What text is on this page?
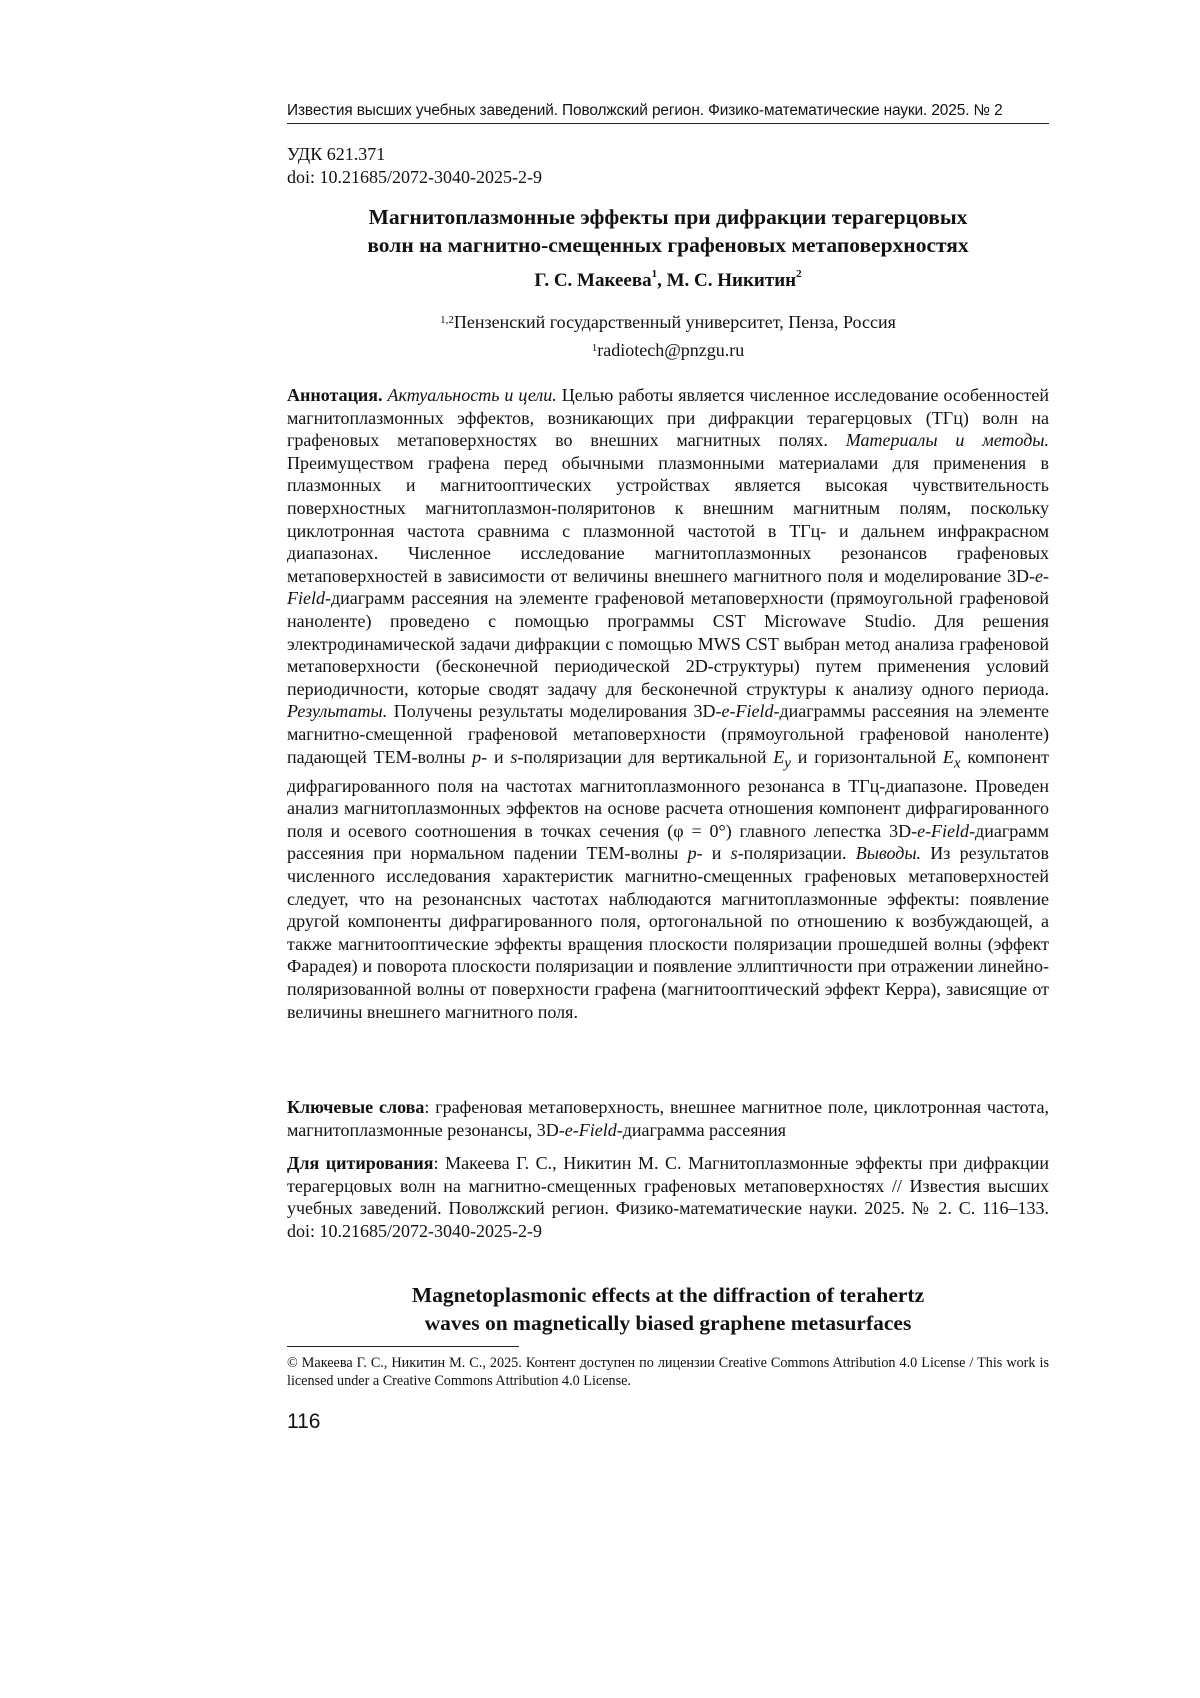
Известия высших учебных заведений. Поволжский регион. Физико-математические науки. 2025. № 2
УДК 621.371
doi: 10.21685/2072-3040-2025-2-9
Магнитоплазмонные эффекты при дифракции терагерцовых
волн на магнитно-смещенных графеновых метаповерхностях
Г. С. Макеева$^1$, М. С. Никитин$^2$
$^{1,2}$Пензенский государственный университет, Пенза, Россия
$^1$radiotech@pnzgu.ru
Аннотация. Актуальность и цели. Целью работы является численное исследование особенностей магнитоплазмонных эффектов, возникающих при дифракции терагерцовых (ТГц) волн на графеновых метаповерхностях во внешних магнитных полях. Материалы и методы. Преимуществом графена перед обычными плазмонными материалами для применения в плазмонных и магнитооптических устройствах является высокая чувствительность поверхностных магнитоплазмон-поляритонов к внешним магнитным полям, поскольку циклотронная частота сравнима с плазмонной частотой в ТГц- и дальнем инфракрасном диапазонах. Численное исследование магнитоплазмонных резонансов графеновых метаповерхностей в зависимости от величины внешнего магнитного поля и моделирование 3D-e-Field-диаграмм рассеяния на элементе графеновой метаповерхности (прямоугольной графеновой наноленте) проведено с помощью программы CST Microwave Studio. Для решения электродинамической задачи дифракции с помощью MWS CST выбран метод анализа графеновой метаповерхности (бесконечной периодической 2D-структуры) путем применения условий периодичности, которые сводят задачу для бесконечной структуры к анализу одного периода. Результаты. Получены результаты моделирования 3D-e-Field-диаграммы рассеяния на элементе магнитно-смещенной графеновой метаповерхности (прямоугольной графеновой наноленте) падающей ТЕМ-волны p- и s-поляризации для вертикальной $E_y$ и горизонтальной $E_x$ компонент дифрагированного поля на частотах магнитоплазмонного резонанса в ТГц-диапазоне. Проведен анализ магнитоплазмонных эффектов на основе расчета отношения компонент дифрагированного поля и осевого соотношения в точках сечения (φ = 0°) главного лепестка 3D-e-Field-диаграмм рассеяния при нормальном падении ТЕМ-волны p- и s-поляризации. Выводы. Из результатов численного исследования характеристик магнитно-смещенных графеновых метаповерхностей следует, что на резонансных частотах наблюдаются магнитоплазмонные эффекты: появление другой компоненты дифрагированного поля, ортогональной по отношению к возбуждающей, а также магнитооптические эффекты вращения плоскости поляризации прошедшей волны (эффект Фарадея) и поворота плоскости поляризации и появление эллиптичности при отражении линейно-поляризованной волны от поверхности графена (магнитооптический эффект Керра), зависящие от величины внешнего магнитного поля.
Ключевые слова: графеновая метаповерхность, внешнее магнитное поле, циклотронная частота, магнитоплазмонные резонансы, 3D-e-Field-диаграмма рассеяния
Для цитирования: Макеева Г. С., Никитин М. С. Магнитоплазмонные эффекты при дифракции терагерцовых волн на магнитно-смещенных графеновых метаповерхностях // Известия высших учебных заведений. Поволжский регион. Физико-математические науки. 2025. № 2. С. 116–133. doi: 10.21685/2072-3040-2025-2-9
Magnetoplasmonic effects at the diffraction of terahertz
waves on magnetically biased graphene metasurfaces
© Макеева Г. С., Никитин М. С., 2025. Контент доступен по лицензии Creative Commons Attribution 4.0 License / This work is licensed under a Creative Commons Attribution 4.0 License.
116
